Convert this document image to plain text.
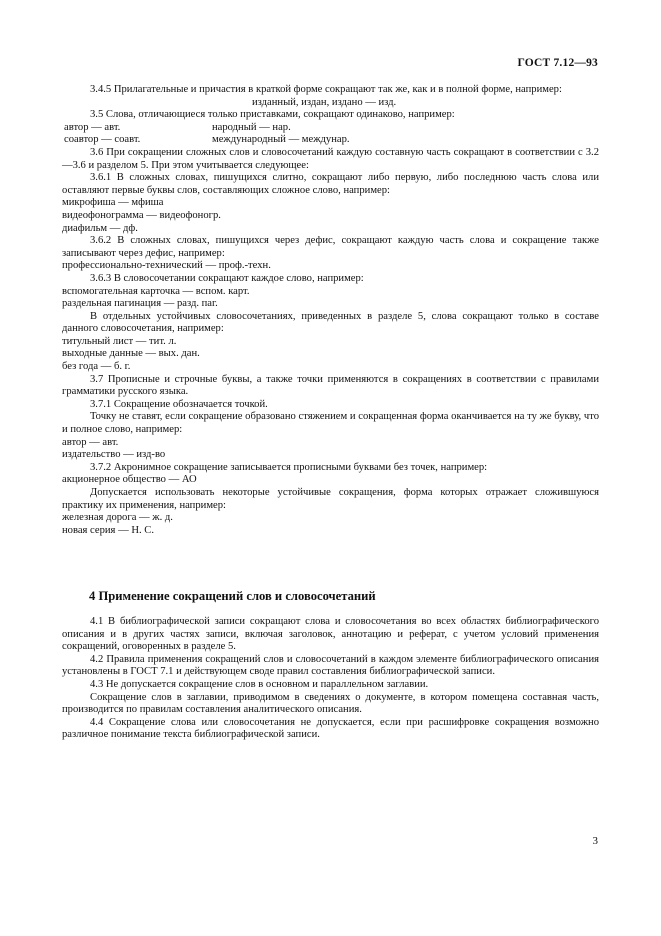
ГОСТ 7.12—93

3.4.5 Прилагательные и причастия в краткой форме сокращают так же, как и в полной форме, например:

изданный, издан, издано — изд.

3.5 Слова, отличающиеся только приставками, сокращают одинаково, например:

автор — авт.	народный — нар.
соавтор — соавт.	международный — междунар.

3.6 При сокращении сложных слов и словосочетаний каждую составную часть сокращают в соответствии с 3.2—3.6 и разделом 5. При этом учитывается следующее:

3.6.1 В сложных словах, пишущихся слитно, сокращают либо первую, либо последнюю часть слова или оставляют первые буквы слов, составляющих сложное слово, например:

микрофиша — мфиша

видеофонограмма — видеофоногр.

диафильм — дф.

3.6.2 В сложных словах, пишущихся через дефис, сокращают каждую часть слова и сокращение также записывают через дефис, например:

профессионально-технический — проф.-техн.

3.6.3 В словосочетании сокращают каждое слово, например:

вспомогательная карточка — вспом. карт.

раздельная пагинация — разд. паг.

В отдельных устойчивых словосочетаниях, приведенных в разделе 5, слова сокращают только в составе данного словосочетания, например:

титульный лист — тит. л.

выходные данные — вых. дан.

без года — б. г.

3.7 Прописные и строчные буквы, а также точки применяются в сокращениях в соответствии с правилами грамматики русского языка.

3.7.1 Сокращение обозначается точкой.

Точку не ставят, если сокращение образовано стяжением и сокращенная форма оканчивается на ту же букву, что и полное слово, например:

автор — авт.

издательство — изд-во

3.7.2 Акронимное сокращение записывается прописными буквами без точек, например:

акционерное общество — АО

Допускается использовать некоторые устойчивые сокращения, форма которых отражает сложившуюся практику их применения, например:

железная дорога — ж. д.

новая серия — Н. С.

4 Применение сокращений слов и словосочетаний

4.1 В библиографической записи сокращают слова и словосочетания во всех областях библиографического описания и в других частях записи, включая заголовок, аннотацию и реферат, с учетом условий применения сокращений, оговоренных в разделе 5.

4.2 Правила применения сокращений слов и словосочетаний в каждом элементе библиографического описания установлены в ГОСТ 7.1 и действующем своде правил составления библиографической записи.

4.3 Не допускается сокращение слов в основном и параллельном заглавии.

Сокращение слов в заглавии, приводимом в сведениях о документе, в котором помещена составная часть, производится по правилам составления аналитического описания.

4.4 Сокращение слова или словосочетания не допускается, если при расшифровке сокращения возможно различное понимание текста библиографической записи.

3
